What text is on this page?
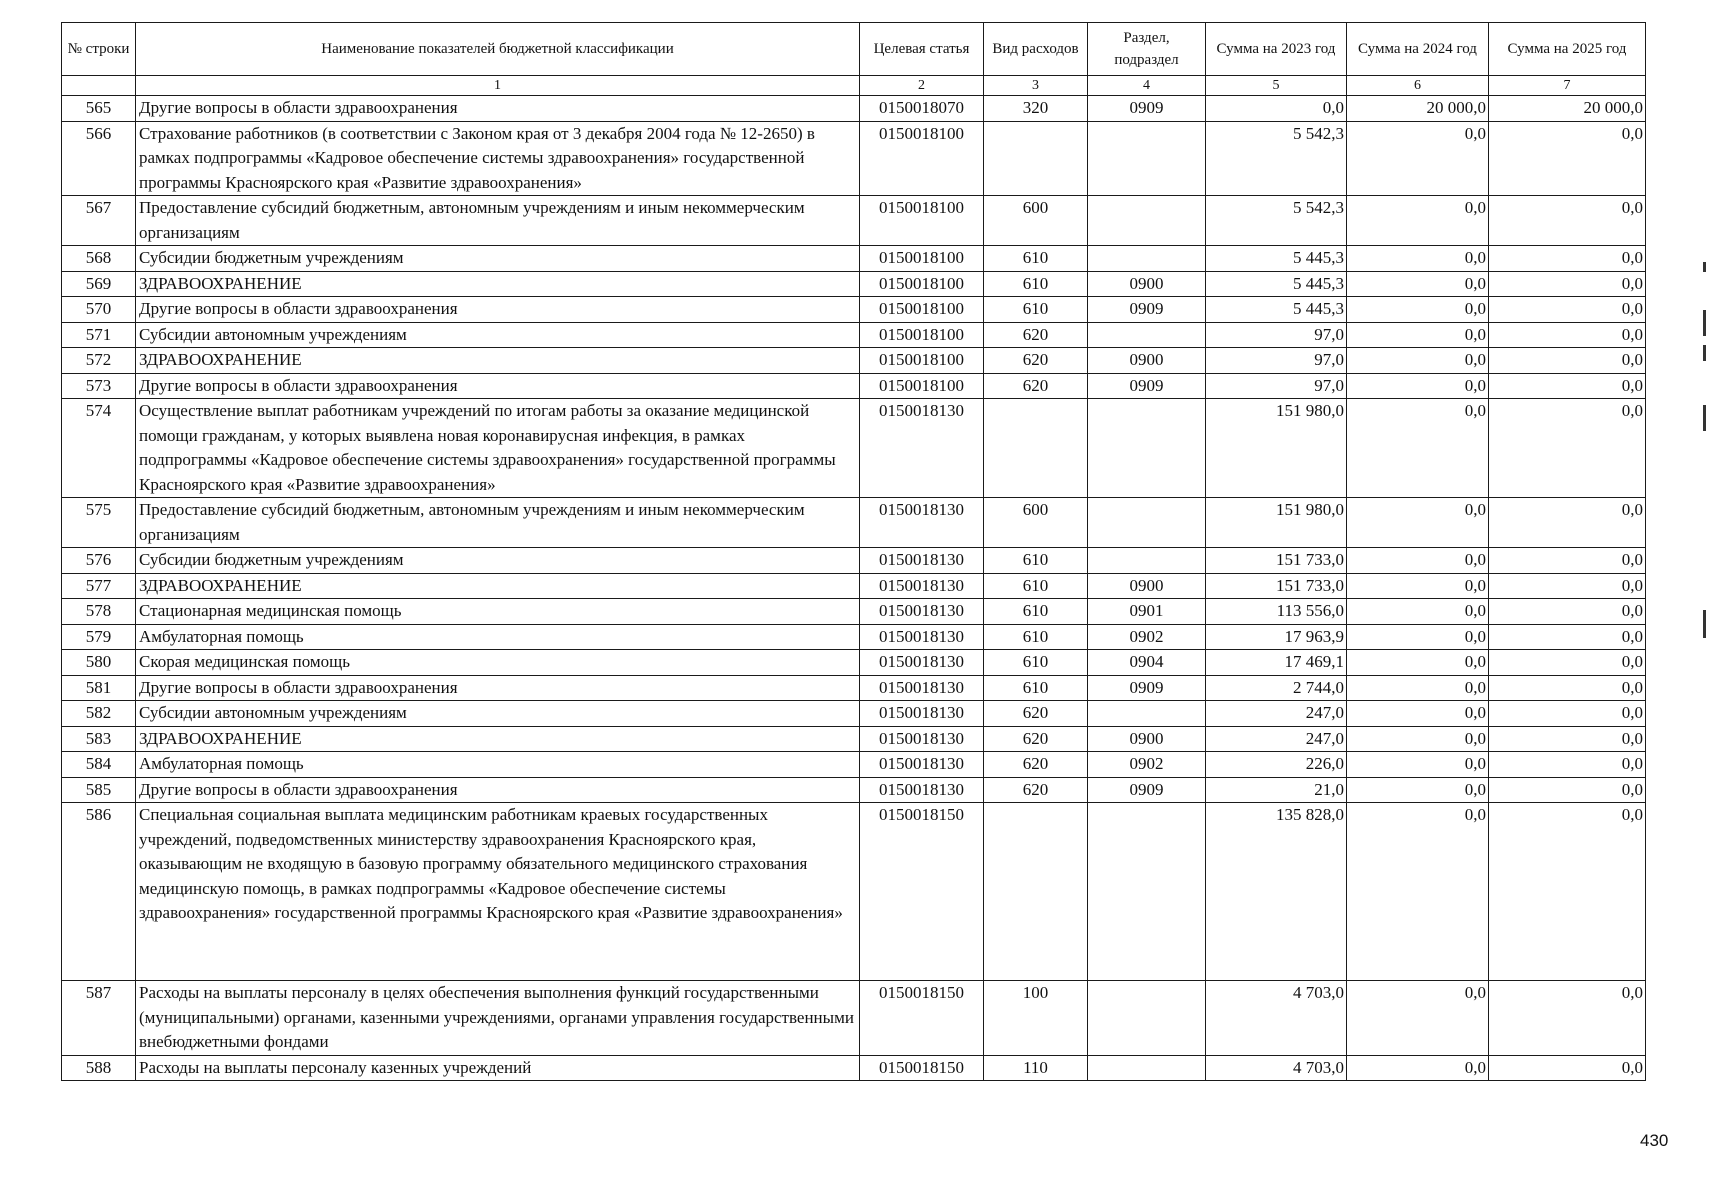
№ строки	Наименование показателей бюджетной классификации	Целевая статья	Вид расходов	Раздел, подраздел	Сумма на 2023 год	Сумма на 2024 год	Сумма на 2025 год
	1	2	3	4	5	6	7
565	Другие вопросы в области здравоохранения	0150018070	320	0909	0,0	20 000,0	20 000,0
566	Страхование работников (в соответствии с Законом края от 3 декабря 2004 года № 12-2650) в рамках подпрограммы «Кадровое обеспечение системы здравоохранения» государственной программы Красноярского края «Развитие здравоохранения»	0150018100			5 542,3	0,0	0,0
567	Предоставление субсидий бюджетным, автономным учреждениям и иным некоммерческим организациям	0150018100	600		5 542,3	0,0	0,0
568	Субсидии бюджетным учреждениям	0150018100	610		5 445,3	0,0	0,0
569	ЗДРАВООХРАНЕНИЕ	0150018100	610	0900	5 445,3	0,0	0,0
570	Другие вопросы в области здравоохранения	0150018100	610	0909	5 445,3	0,0	0,0
571	Субсидии автономным учреждениям	0150018100	620		97,0	0,0	0,0
572	ЗДРАВООХРАНЕНИЕ	0150018100	620	0900	97,0	0,0	0,0
573	Другие вопросы в области здравоохранения	0150018100	620	0909	97,0	0,0	0,0
574	Осуществление выплат работникам учреждений по итогам работы за оказание медицинской помощи гражданам, у которых выявлена новая коронавирусная инфекция, в рамках подпрограммы «Кадровое обеспечение системы здравоохранения» государственной программы Красноярского края «Развитие здравоохранения»	0150018130			151 980,0	0,0	0,0
575	Предоставление субсидий бюджетным, автономным учреждениям и иным некоммерческим организациям	0150018130	600		151 980,0	0,0	0,0
576	Субсидии бюджетным учреждениям	0150018130	610		151 733,0	0,0	0,0
577	ЗДРАВООХРАНЕНИЕ	0150018130	610	0900	151 733,0	0,0	0,0
578	Стационарная медицинская помощь	0150018130	610	0901	113 556,0	0,0	0,0
579	Амбулаторная помощь	0150018130	610	0902	17 963,9	0,0	0,0
580	Скорая медицинская помощь	0150018130	610	0904	17 469,1	0,0	0,0
581	Другие вопросы в области здравоохранения	0150018130	610	0909	2 744,0	0,0	0,0
582	Субсидии автономным учреждениям	0150018130	620		247,0	0,0	0,0
583	ЗДРАВООХРАНЕНИЕ	0150018130	620	0900	247,0	0,0	0,0
584	Амбулаторная помощь	0150018130	620	0902	226,0	0,0	0,0
585	Другие вопросы в области здравоохранения	0150018130	620	0909	21,0	0,0	0,0
586	Специальная социальная выплата медицинским работникам краевых государственных учреждений, подведомственных министерству здравоохранения Красноярского края, оказывающим не входящую в базовую программу обязательного медицинского страхования медицинскую помощь, в рамках подпрограммы «Кадровое обеспечение системы здравоохранения» государственной программы Красноярского края «Развитие здравоохранения»	0150018150			135 828,0	0,0	0,0
587	Расходы на выплаты персоналу в целях обеспечения выполнения функций государственными (муниципальными) органами, казенными учреждениями, органами управления государственными внебюджетными фондами	0150018150	100		4 703,0	0,0	0,0
588	Расходы на выплаты персоналу казенных учреждений	0150018150	110		4 703,0	0,0	0,0
430
